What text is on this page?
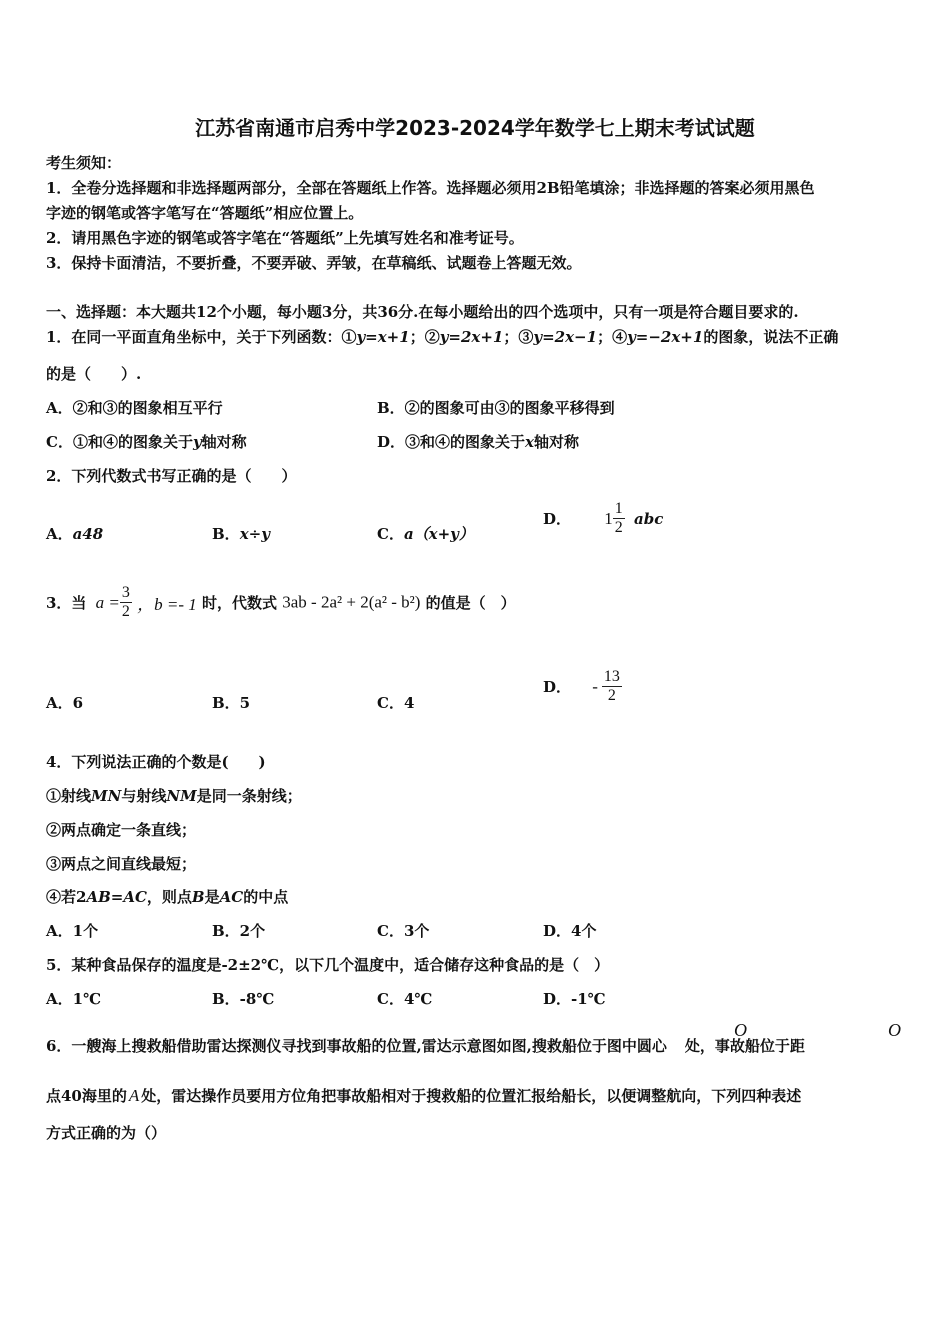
江苏省南通市启秀中学2023-2024学年数学七上期末考试试题
考生须知：
1．全卷分选择题和非选择题两部分，全部在答题纸上作答。选择题必须用2B铅笔填涂；非选择题的答案必须用黑色
字迹的钢笔或答字笔写在“答题纸”相应位置上。
2．请用黑色字迹的钢笔或答字笔在“答题纸”上先填写姓名和准考证号。
3．保持卡面清洁，不要折叠，不要弄破、弄皱，在草稿纸、试题卷上答题无效。
一、选择题：本大题共12个小题，每小题3分，共36分.在每小题给出的四个选项中，只有一项是符合题目要求的.
1．在同一平面直角坐标中，关于下列函数：①y=x+1；②y=2x+1；③y=2x−1；④y=−2x+1的图象，说法不正确
的是（　　）.
A．②和③的图象相互平行	B．②的图象可由③的图象平移得到
C．①和④的图象关于y轴对称	D．③和④的图象关于x轴对称
2．下列代数式书写正确的是（　　）
A．a48	B．x÷y	C．a（x+y）
D． $1 \frac{1}{2}$ abc
3．当 $a = \frac{3}{2}$ ，b =- 1 时，代数式 3ab - 2a² + 2(a² - b²) 的值是（　）
A．6	B．5	C．4
D． - $\frac{13}{2}$
4．下列说法正确的个数是(　　)
①射线MN与射线NM是同一条射线；
②两点确定一条直线；
③两点之间直线最短；
④若2AB=AC，则点B是AC的中点
A．1个	B．2个	C．3个	D．4个
5．某种食品保存的温度是-2±2℃，以下几个温度中，适合储存这种食品的是（　）
A．1℃	B．-8℃	C．4℃	D．-1℃
6．一艘海上搜救船借助雷达探测仪寻找到事故船的位置,雷达示意图如图,搜救船位于图中圆心 处，事故船位于距
O	O
点40海里的 A 处，雷达操作员要用方位角把事故船相对于搜救船的位置汇报给船长，以便调整航向，下列四种表述
方式正确的为（）
